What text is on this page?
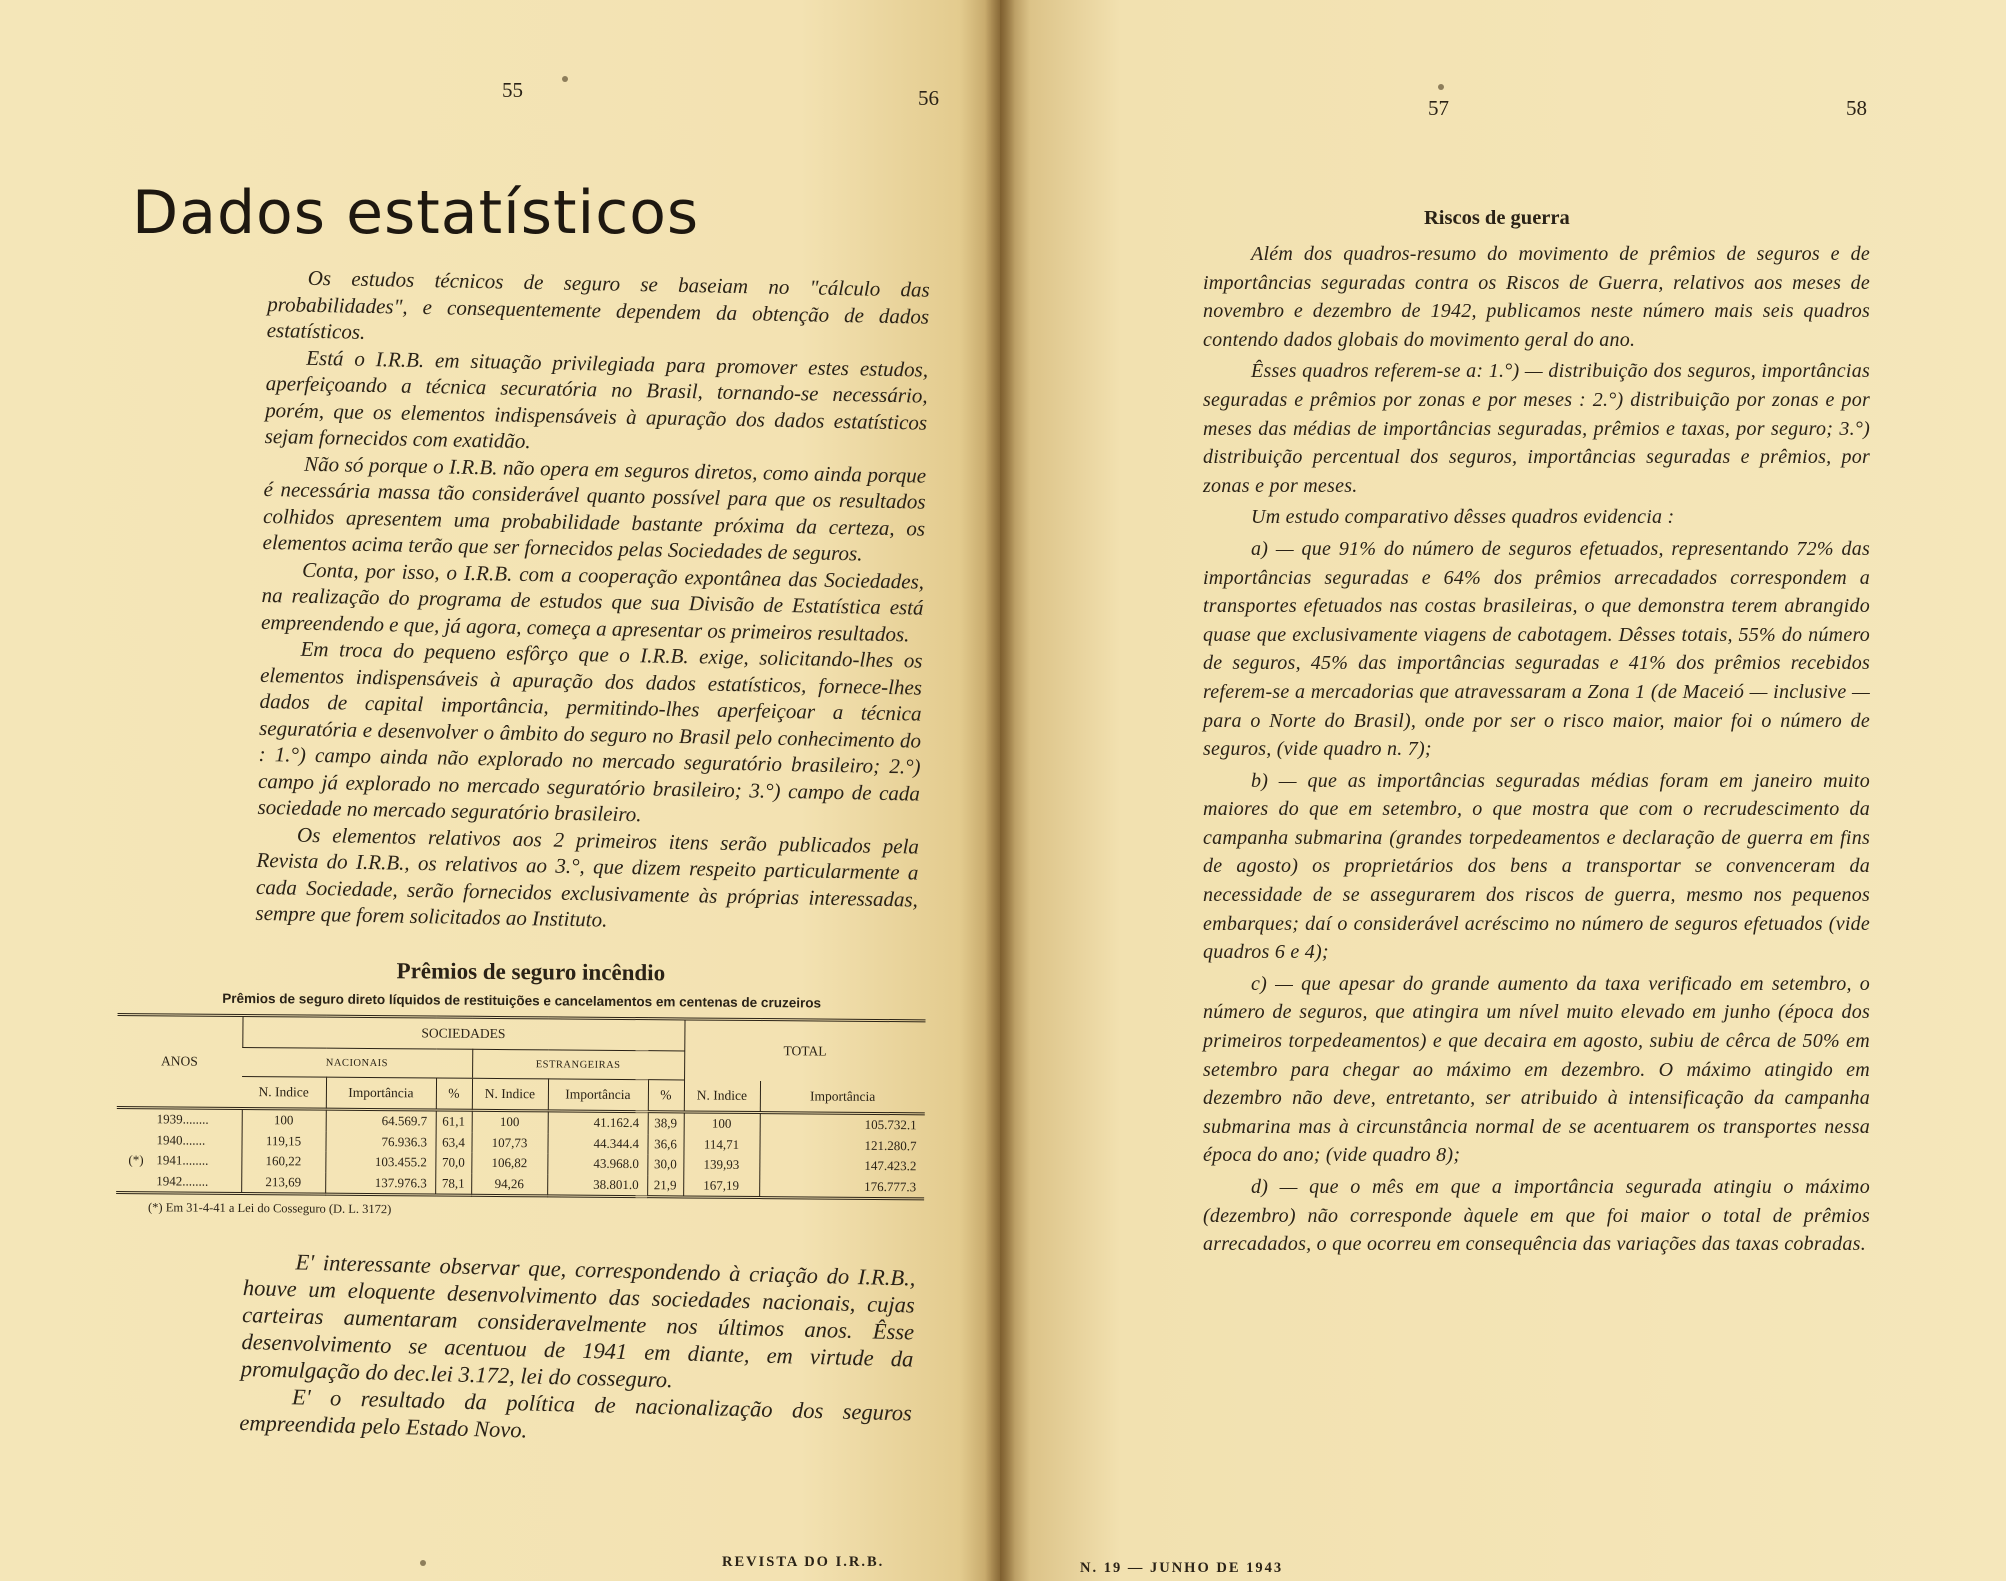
55	56	57	58
Dados estatísticos

Os estudos técnicos de seguro se baseiam no "cálculo das probabilidades", e consequentemente dependem da obtenção de dados estatísticos.

Está o I.R.B. em situação privilegiada para promover estes estudos, aperfeiçoando a técnica securatória no Brasil, tornando-se necessário, porém, que os elementos indispensáveis à apuração dos dados estatísticos sejam fornecidos com exatidão.

Não só porque o I.R.B. não opera em seguros diretos, como ainda porque é necessária massa tão considerável quanto possível para que os resultados colhidos apresentem uma probabilidade bastante próxima da certeza, os elementos acima terão que ser fornecidos pelas Sociedades de seguros.

Conta, por isso, o I.R.B. com a cooperação expontânea das Sociedades, na realização do programa de estudos que sua Divisão de Estatística está empreendendo e que, já agora, começa a apresentar os primeiros resultados.

Em troca do pequeno esfôrço que o I.R.B. exige, solicitando-lhes os elementos indispensáveis à apuração dos dados estatísticos, fornece-lhes dados de capital importância, permitindo-lhes aperfeiçoar a técnica seguratória e desenvolver o âmbito do seguro no Brasil pelo conhecimento do : 1.°) campo ainda não explorado no mercado seguratório brasileiro; 2.°) campo já explorado no mercado seguratório brasileiro; 3.°) campo de cada sociedade no mercado seguratório brasileiro.

Os elementos relativos aos 2 primeiros itens serão publicados pela Revista do I.R.B., os relativos ao 3.°, que dizem respeito particularmente a cada Sociedade, serão fornecidos exclusivamente às próprias interessadas, sempre que forem solicitados ao Instituto.

Prêmios de seguro incêndio
Prêmios de seguro direto líquidos de restituições e cancelamentos em centenas de cruzeiros
ANOS	SOCIEDADES						TOTAL	
	NACIONAIS			ESTRANGEIRAS				
	N. Indice	Importância	%	N. Indice	Importância	%	N. Indice	Importância

1939........	100	64.569.7	61,1	100	41.162.4	38,9	100	105.732.1

1940.......	119,15	76.936.3	63,4	107,73	44.344.4	36,6	114,71	121.280.7

(*) 1941........	160,22	103.455.2	70,0	106,82	43.968.0	30,0	139,93	147.423.2

1942........	213,69	137.976.3	78,1	94,26	38.801.0	21,9	167,19	176.777.3
(*) Em 31-4-41 a Lei do Cosseguro (D. L. 3172)

E' interessante observar que, correspondendo à criação do I.R.B., houve um eloquente desenvolvimento das sociedades nacionais, cujas carteiras aumentaram consideravelmente nos últimos anos. Êsse desenvolvimento se acentuou de 1941 em diante, em virtude da promulgação do dec.lei 3.172, lei do cosseguro.

E' o resultado da política de nacionalização dos seguros empreendida pelo Estado Novo.

REVISTA DO I.R.B.
Riscos de guerra

Além dos quadros-resumo do movimento de prêmios de seguros e de importâncias seguradas contra os Riscos de Guerra, relativos aos meses de novembro e dezembro de 1942, publicamos neste número mais seis quadros contendo dados globais do movimento geral do ano.

Êsses quadros referem-se a: 1.°) — distribuição dos seguros, importâncias seguradas e prêmios por zonas e por meses : 2.°) distribuição por zonas e por meses das médias de importâncias seguradas, prêmios e taxas, por seguro; 3.°) distribuição percentual dos seguros, importâncias seguradas e prêmios, por zonas e por meses.

Um estudo comparativo dêsses quadros evidencia :

a) — que 91% do número de seguros efetuados, representando 72% das importâncias seguradas e 64% dos prêmios arrecadados correspondem a transportes efetuados nas costas brasileiras, o que demonstra terem abrangido quase que exclusivamente viagens de cabotagem. Dêsses totais, 55% do número de seguros, 45% das importâncias seguradas e 41% dos prêmios recebidos referem-se a mercadorias que atravessaram a Zona 1 (de Maceió — inclusive — para o Norte do Brasil), onde por ser o risco maior, maior foi o número de seguros, (vide quadro n. 7);

b) — que as importâncias seguradas médias foram em janeiro muito maiores do que em setembro, o que mostra que com o recrudescimento da campanha submarina (grandes torpedeamentos e declaração de guerra em fins de agosto) os proprietários dos bens a transportar se convenceram da necessidade de se assegurarem dos riscos de guerra, mesmo nos pequenos embarques; daí o considerável acréscimo no número de seguros efetuados (vide quadros 6 e 4);

c) — que apesar do grande aumento da taxa verificado em setembro, o número de seguros, que atingira um nível muito elevado em junho (época dos primeiros torpedeamentos) e que decaira em agosto, subiu de cêrca de 50% em setembro para chegar ao máximo em dezembro. O máximo atingido em dezembro não deve, entretanto, ser atribuido à intensificação da campanha submarina mas à circunstância normal de se acentuarem os transportes nessa época do ano; (vide quadro 8);

d) — que o mês em que a importância segurada atingiu o máximo (dezembro) não corresponde àquele em que foi maior o total de prêmios arrecadados, o que ocorreu em consequência das variações das taxas cobradas.

N. 19 — JUNHO DE 1943
